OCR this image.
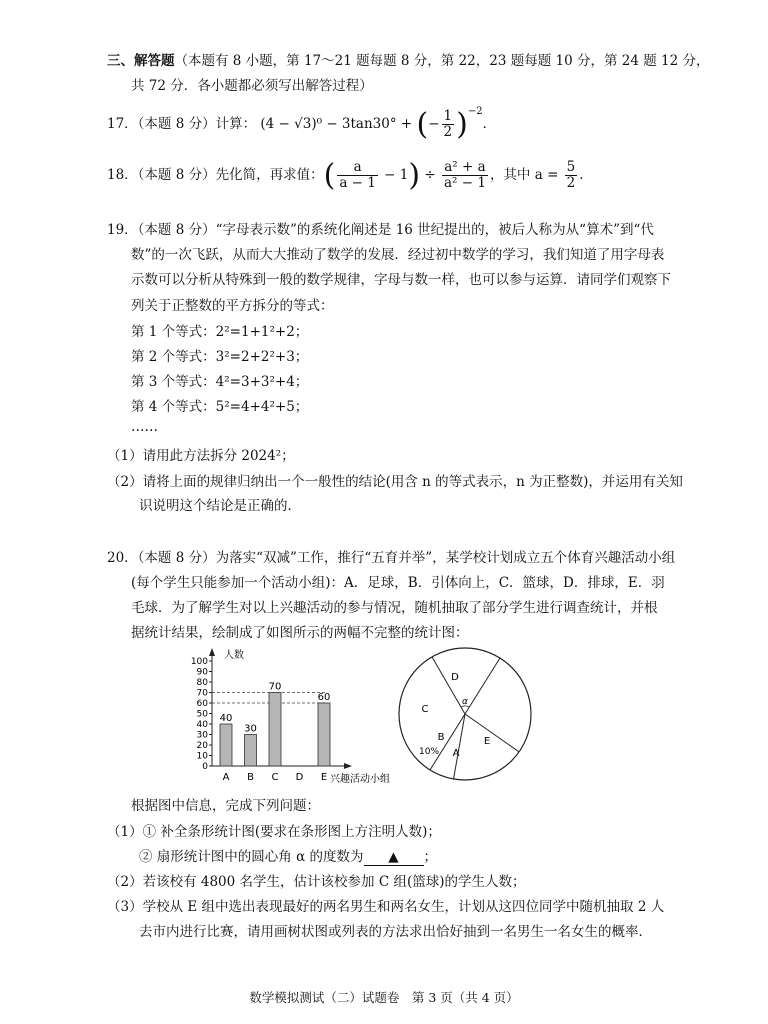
三、解答题（本题有 8 小题，第 17～21 题每题 8 分，第 22，23 题每题 10 分，第 24 题 12 分，
共 72 分．各小题都必须写出解答过程）
17．（本题 8 分）计算： (4 − √3)⁰ − 3tan30° + (− $\frac{1}{2} )^{-2}$．
18．（本题 8 分）先化简，再求值：( $\frac{a}{a - 1} - 1) \div \frac{\text{a² + a}}{\text{a² − 1}}$ ，其中 $a = \frac{5}{2}$ ．
19．（本题 8 分）“字母表示数”的系统化阐述是 16 世纪提出的，被后人称为从“算术”到“代
数”的一次飞跃，从而大大推动了数学的发展．经过初中数学的学习，我们知道了用字母表
示数可以分析从特殊到一般的数学规律，字母与数一样，也可以参与运算．请同学们观察下
列关于正整数的平方拆分的等式：
第 1 个等式：2²=1+1²+2；
第 2 个等式：3²=2+2²+3；
第 3 个等式：4²=3+3²+4；
第 4 个等式：5²=4+4²+5；
……
（1）请用此方法拆分 2024²；
（2）请将上面的规律归纳出一个一般性的结论(用含 n 的等式表示，n 为正整数)，并运用有关知
识说明这个结论是正确的．
20．（本题 8 分）为落实“双减”工作，推行“五育并举”，某学校计划成立五个体育兴趣活动小组
(每个学生只能参加一个活动小组)：A．足球，B．引体向上，C．篮球，D．排球，E．羽
毛球．为了解学生对以上兴趣活动的参与情况，随机抽取了部分学生进行调查统计，并根
据统计结果，绘制成了如图所示的两幅不完整的统计图：
人数
兴趣活动小组
0
10
20
30
40
50
60
70
80
90
100
40
A
30
B
70
C D
60
E
A
B
C
D
E
10%
α
根据图中信息，完成下列问题：
（1）① 补全条形统计图(要求在条形图上方注明人数)；
② 扇形统计图中的圆心角 α 的度数为 ▲ ；
（2）若该校有 4800 名学生，估计该校参加 C 组(篮球)的学生人数；
（3）学校从 E 组中选出表现最好的两名男生和两名女生，计划从这四位同学中随机抽取 2 人
去市内进行比赛，请用画树状图或列表的方法求出恰好抽到一名男生一名女生的概率．
数学模拟测试（二）试题卷　第 3 页（共 4 页）
